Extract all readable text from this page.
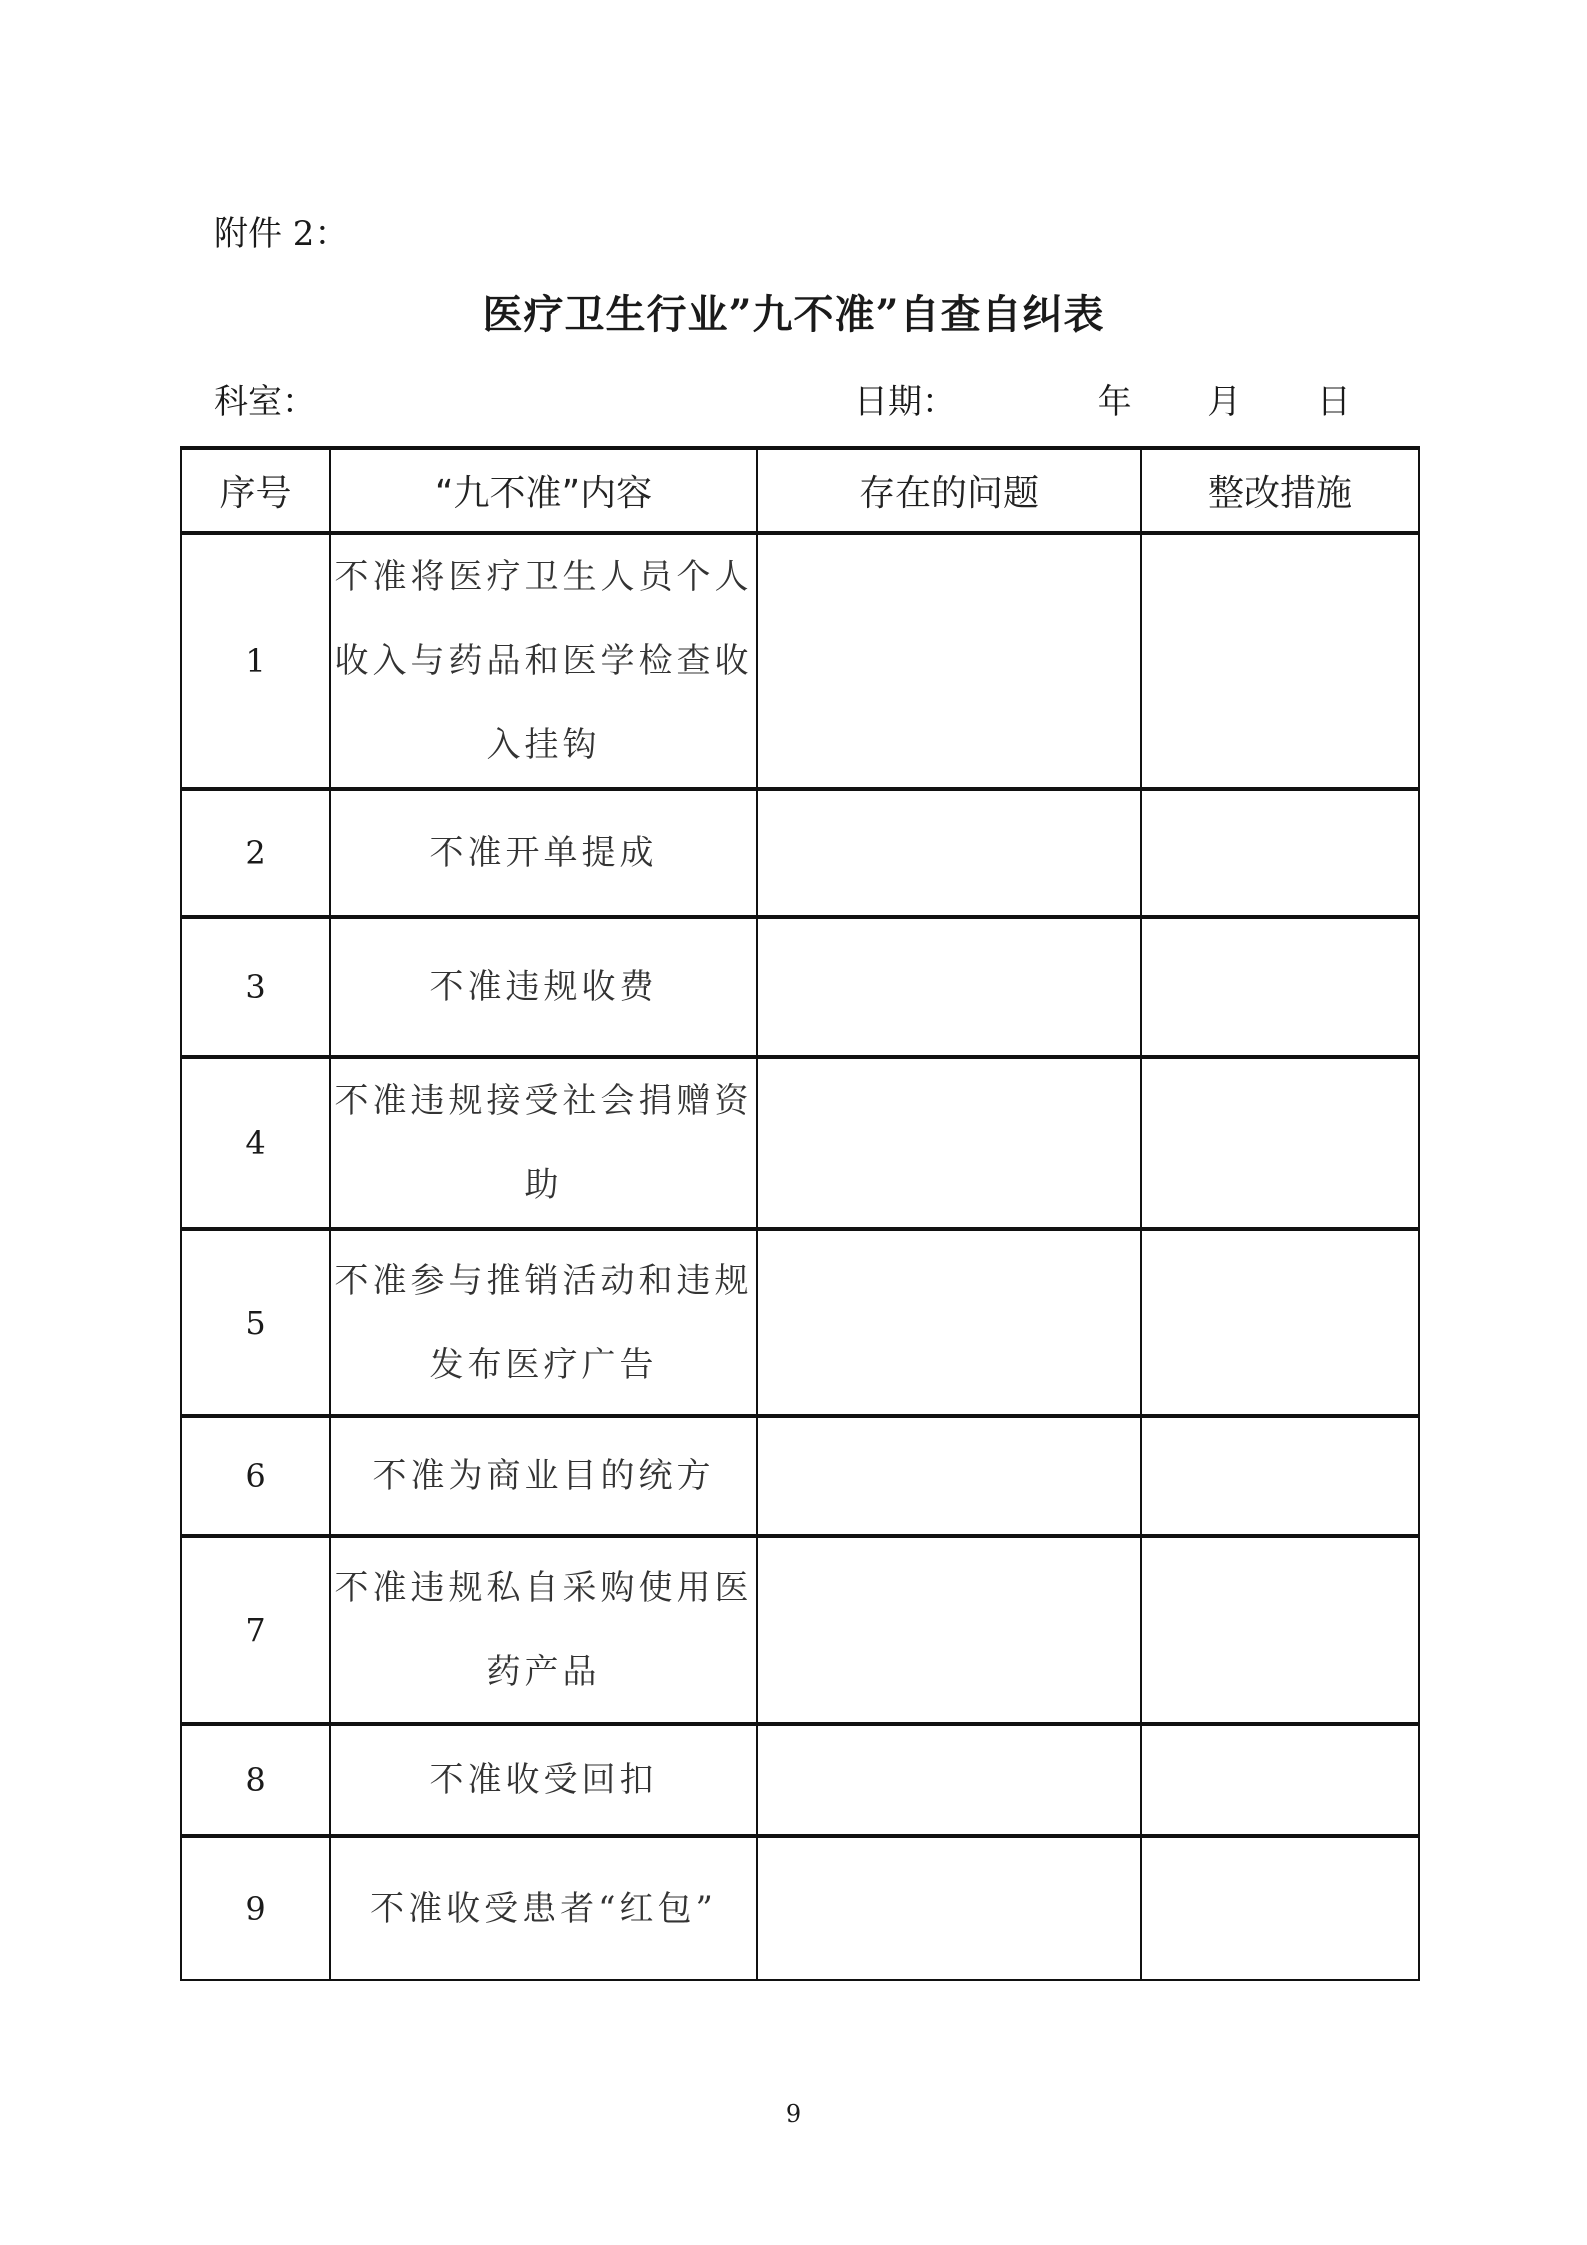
附件 2：
医疗卫生行业”九不准”自查自纠表
科室：	日期：	年 月 日
序号	“九不准”内容	存在的问题	整改措施
1	不准将医疗卫生人员个人收入与药品和医学检查收入挂钩		
2	不准开单提成		
3	不准违规收费		
4	不准违规接受社会捐赠资助		
5	不准参与推销活动和违规发布医疗广告		
6	不准为商业目的统方		
7	不准违规私自采购使用医药产品		
8	不准收受回扣		
9	不准收受患者“红包”		
9
